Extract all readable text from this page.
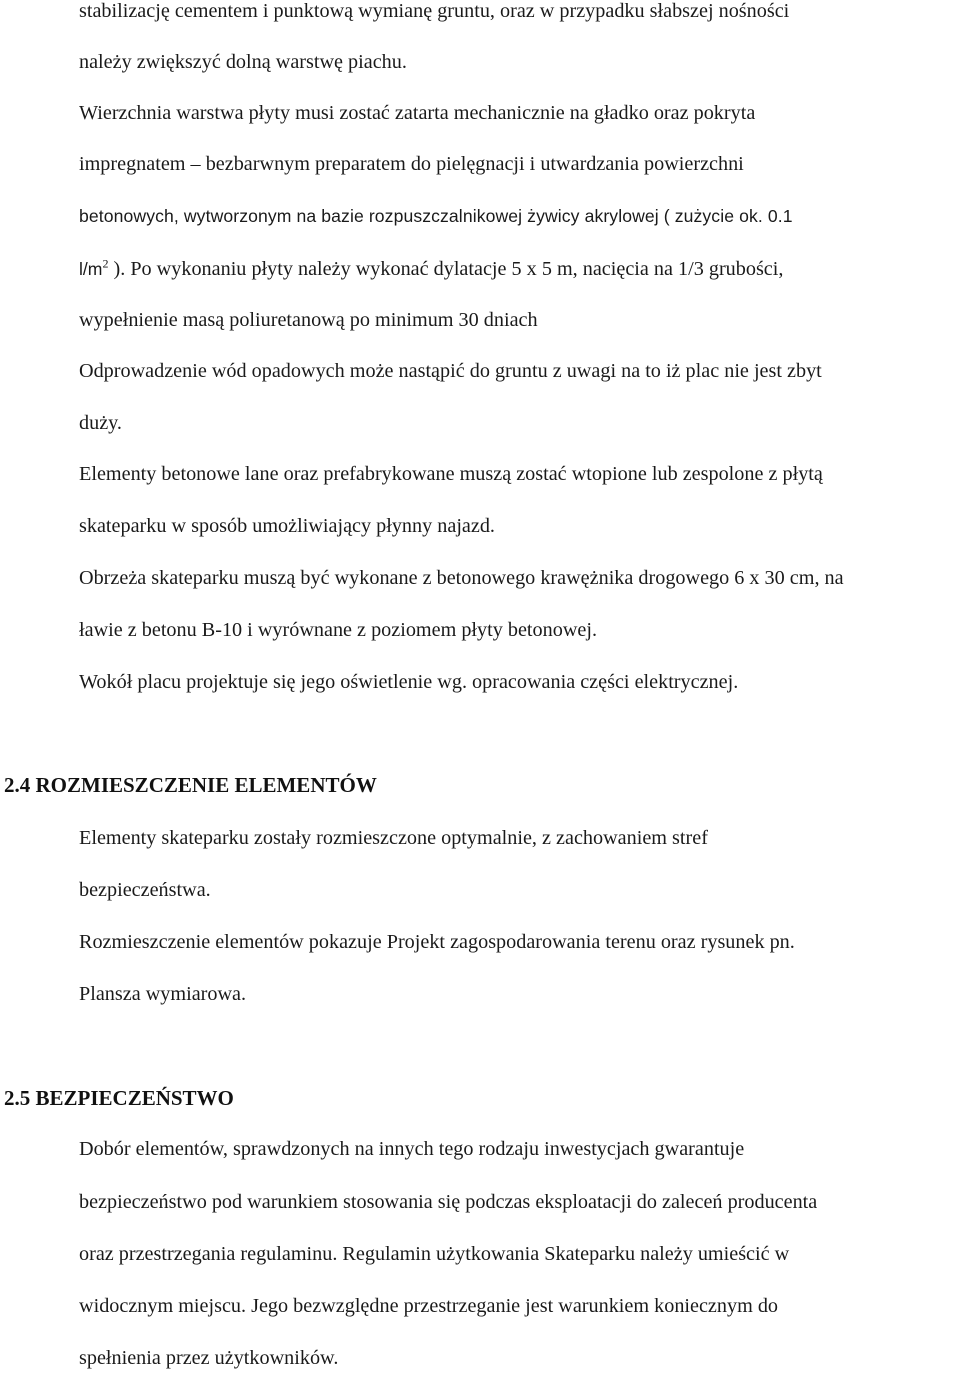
stabilizację cementem i punktową wymianę gruntu, oraz w przypadku słabszej nośności

należy zwiększyć dolną warstwę piachu.

Wierzchnia warstwa płyty musi zostać zatarta mechanicznie na gładko oraz pokryta

impregnatem – bezbarwnym preparatem do pielęgnacji i utwardzania powierzchni

betonowych, wytworzonym na bazie rozpuszczalnikowej żywicy akrylowej ( zużycie ok. 0.1

$l/m^2$ ). Po wykonaniu płyty należy wykonać dylatacje 5 x 5 m, nacięcia na 1/3 grubości,

wypełnienie masą poliuretanową po minimum 30 dniach

Odprowadzenie wód opadowych może nastąpić do gruntu z uwagi na to iż plac nie jest zbyt

duży.

Elementy betonowe lane oraz prefabrykowane muszą zostać wtopione lub zespolone z płytą

skateparku w sposób umożliwiający płynny najazd.

Obrzeża skateparku muszą być wykonane z betonowego krawężnika drogowego 6 x 30 cm, na

ławie z betonu B-10 i wyrównane z poziomem płyty betonowej.

Wokół placu projektuje się jego oświetlenie wg. opracowania części elektrycznej.

2.4 ROZMIESZCZENIE ELEMENTÓW

Elementy skateparku zostały rozmieszczone optymalnie, z zachowaniem stref

bezpieczeństwa.

Rozmieszczenie elementów pokazuje Projekt zagospodarowania terenu oraz rysunek pn.

Plansza wymiarowa.

2.5 BEZPIECZEŃSTWO

Dobór elementów, sprawdzonych na innych tego rodzaju inwestycjach gwarantuje

bezpieczeństwo pod warunkiem stosowania się podczas eksploatacji do zaleceń producenta

oraz przestrzegania regulaminu. Regulamin użytkowania Skateparku należy umieścić w

widocznym miejscu. Jego bezwzględne przestrzeganie jest warunkiem koniecznym do

spełnienia przez użytkowników.
